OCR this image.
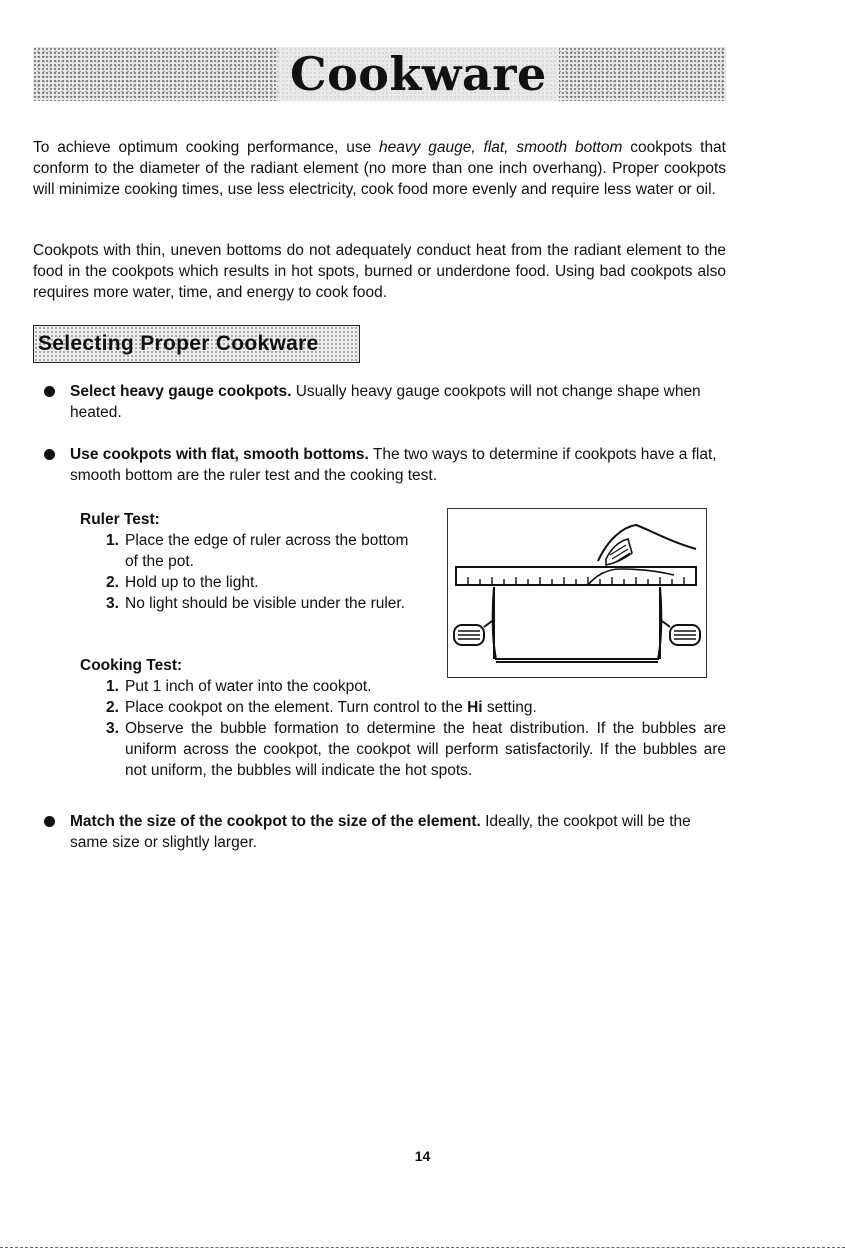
Cookware

To achieve optimum cooking performance, use heavy gauge, flat, smooth bottom cookpots that conform to the diameter of the radiant element (no more than one inch overhang). Proper cookpots will minimize cooking times, use less electricity, cook food more evenly and require less water or oil.

Cookpots with thin, uneven bottoms do not adequately conduct heat from the radiant element to the food in the cookpots which results in hot spots, burned or underdone food. Using bad cookpots also requires more water, time, and energy to cook food.

Selecting Proper Cookware
Select heavy gauge cookpots. Usually heavy gauge cookpots will not change shape when heated.
Use cookpots with flat, smooth bottoms. The two ways to determine if cookpots have a flat, smooth bottom are the ruler test and the cooking test.

Ruler Test:

1. Place the edge of ruler across the bottom of the pot.
2. Hold up to the light.
3. No light should be visible under the ruler.

Cooking Test:

1. Put 1 inch of water into the cookpot.
2. Place cookpot on the element. Turn control to the Hi setting.
3. Observe the bubble formation to determine the heat distribution. If the bubbles are uniform across the cookpot, the cookpot will perform satisfactorily. If the bubbles are not uniform, the bubbles will indicate the hot spots.
Match the size of the cookpot to the size of the element. Ideally, the cookpot will be the same size or slightly larger.

14
